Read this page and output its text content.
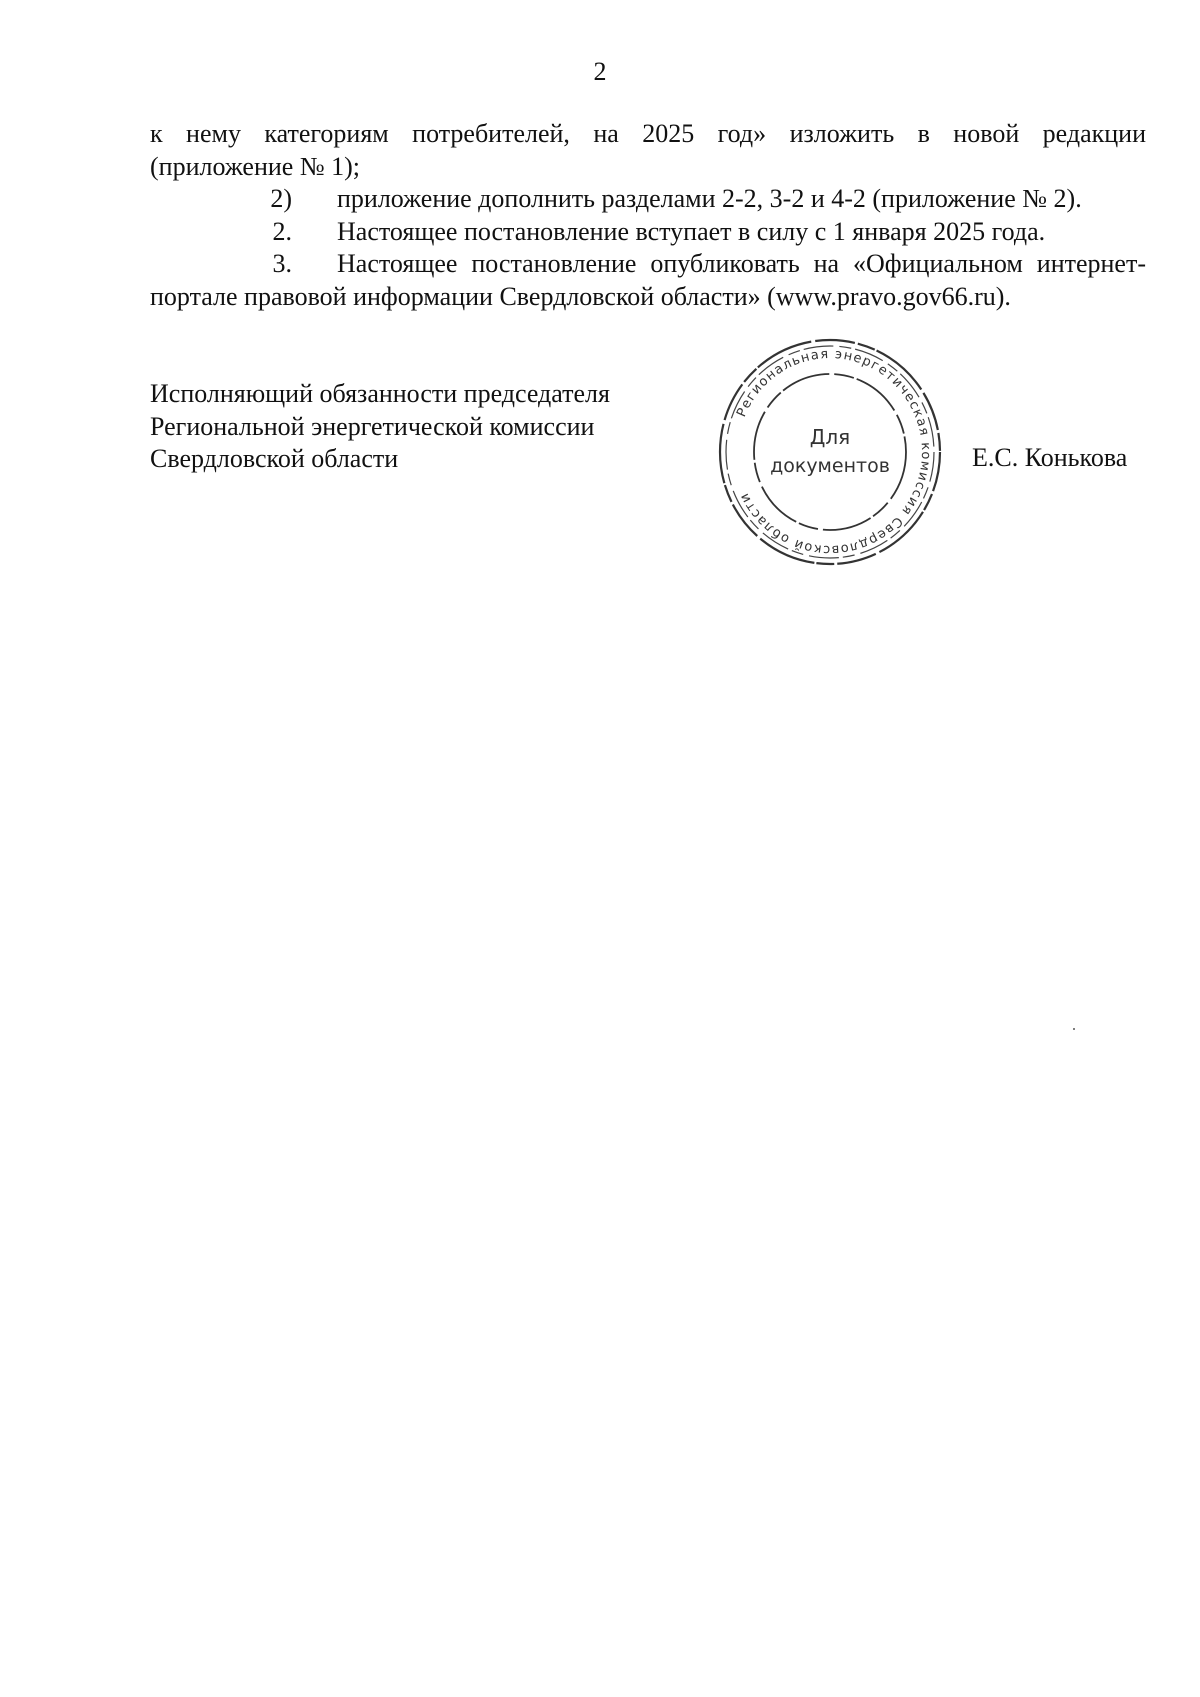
2

к нему категориям потребителей, на 2025 год» изложить в новой редакции

(приложение № 1);

2) приложение дополнить разделами 2-2, 3-2 и 4-2 (приложение № 2).
2. Настоящее постановление вступает в силу с 1 января 2025 года.
3. Настоящее постановление опубликовать на «Официальном интернет-

портале правовой информации Свердловской области» (www.pravo.gov66.ru).

Исполняющий обязанности председателя
Региональной энергетической комиссии
Свердловской области
Региональная энергетическая комиссия Свердловской области
Для
документов	Е.С. Конькова
